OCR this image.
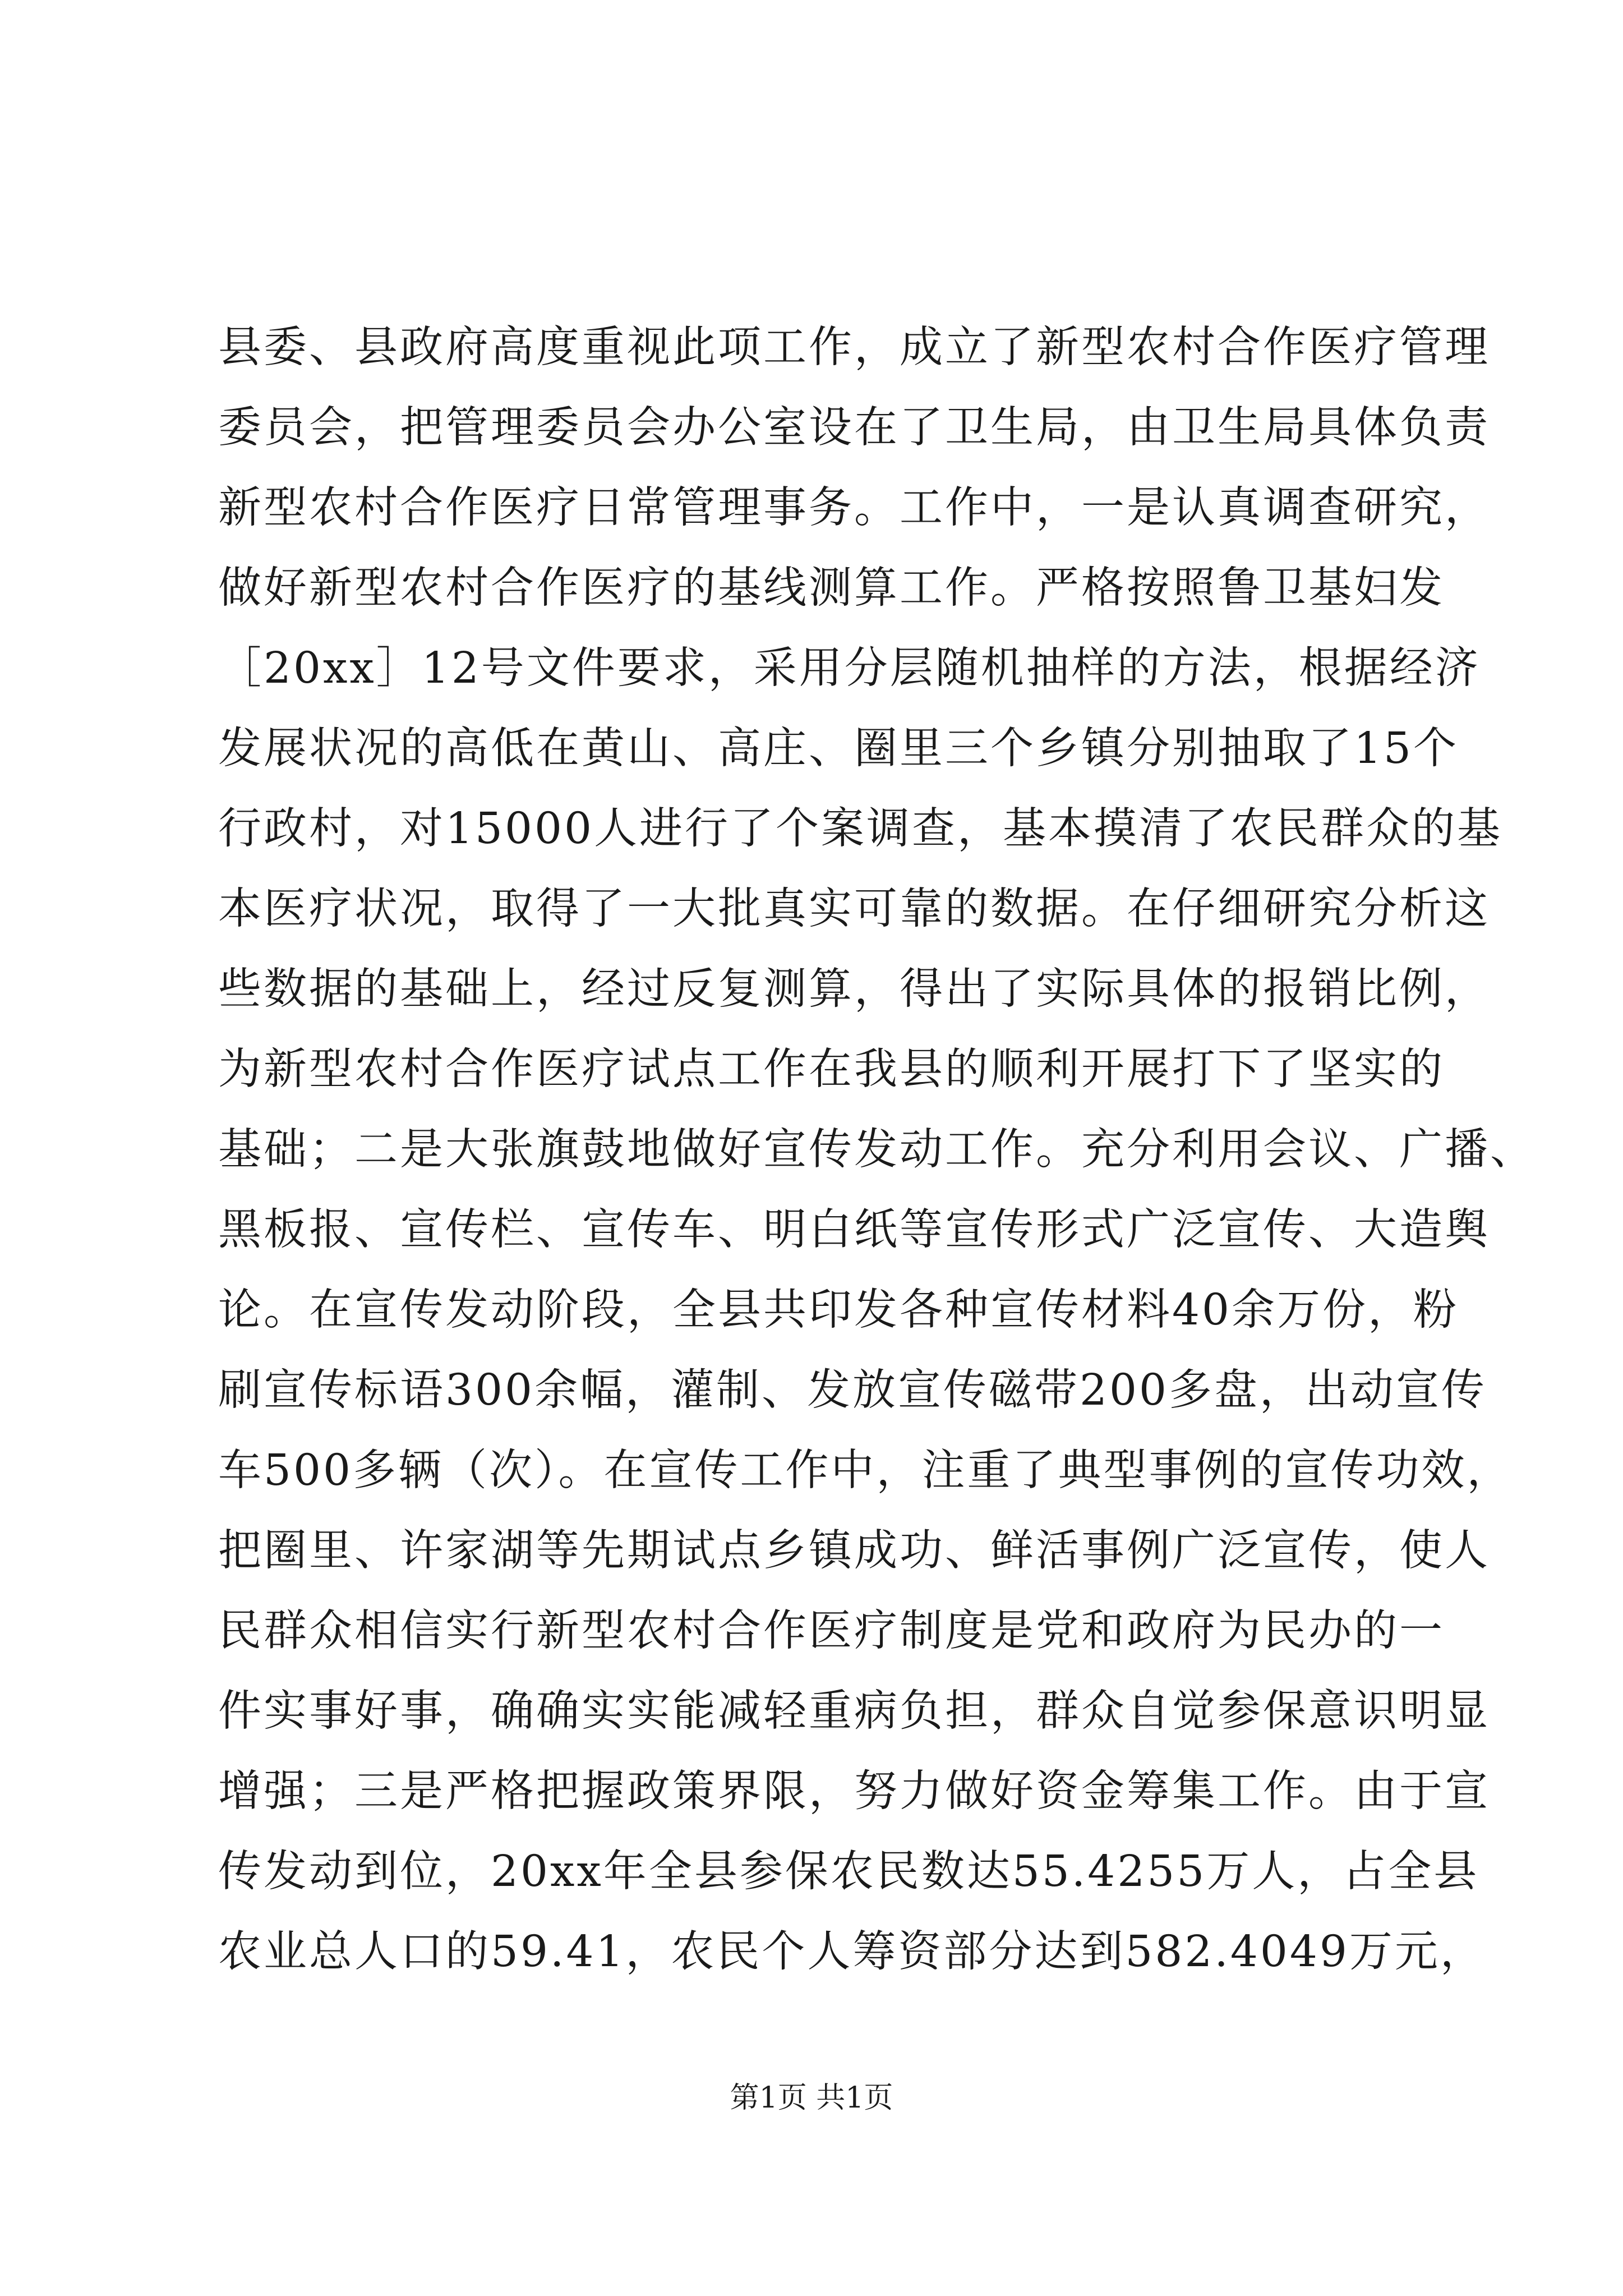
县委、县政府高度重视此项工作，成立了新型农村合作医疗管理
委员会，把管理委员会办公室设在了卫生局，由卫生局具体负责
新型农村合作医疗日常管理事务。工作中，一是认真调查研究，
做好新型农村合作医疗的基线测算工作。严格按照鲁卫基妇发
［20xx］12号文件要求，采用分层随机抽样的方法，根据经济
发展状况的高低在黄山、高庄、圈里三个乡镇分别抽取了15个
行政村，对15000人进行了个案调查，基本摸清了农民群众的基
本医疗状况，取得了一大批真实可靠的数据。在仔细研究分析这
些数据的基础上，经过反复测算，得出了实际具体的报销比例，
为新型农村合作医疗试点工作在我县的顺利开展打下了坚实的
基础；二是大张旗鼓地做好宣传发动工作。充分利用会议、广播、
黑板报、宣传栏、宣传车、明白纸等宣传形式广泛宣传、大造舆
论。在宣传发动阶段，全县共印发各种宣传材料40余万份，粉
刷宣传标语300余幅，灌制、发放宣传磁带200多盘，出动宣传
车500多辆（次）。在宣传工作中，注重了典型事例的宣传功效，
把圈里、许家湖等先期试点乡镇成功、鲜活事例广泛宣传，使人
民群众相信实行新型农村合作医疗制度是党和政府为民办的一
件实事好事，确确实实能减轻重病负担，群众自觉参保意识明显
增强；三是严格把握政策界限，努力做好资金筹集工作。由于宣
传发动到位，20xx年全县参保农民数达55.4255万人，占全县
农业总人口的59.41，农民个人筹资部分达到582.4049万元，
第1页 共1页
